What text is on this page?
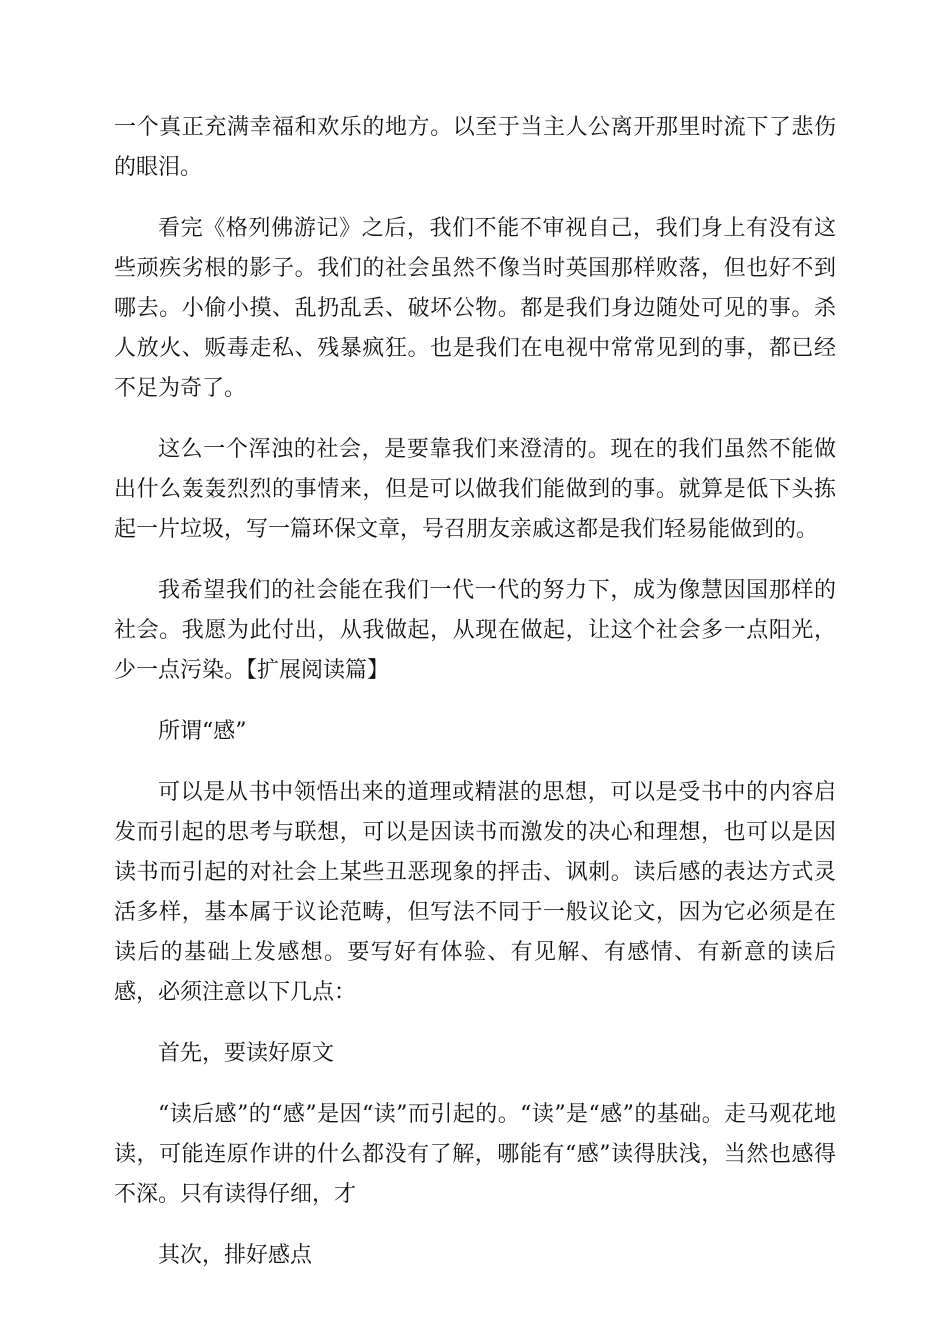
一个真正充满幸福和欢乐的地方。以至于当主人公离开那里时流下了悲伤的眼泪。

看完《格列佛游记》之后，我们不能不审视自己，我们身上有没有这些顽疾劣根的影子。我们的社会虽然不像当时英国那样败落，但也好不到哪去。小偷小摸、乱扔乱丢、破坏公物。都是我们身边随处可见的事。杀人放火、贩毒走私、残暴疯狂。也是我们在电视中常常见到的事，都已经不足为奇了。

这么一个浑浊的社会，是要靠我们来澄清的。现在的我们虽然不能做出什么轰轰烈烈的事情来，但是可以做我们能做到的事。就算是低下头拣起一片垃圾，写一篇环保文章，号召朋友亲戚这都是我们轻易能做到的。

我希望我们的社会能在我们一代一代的努力下，成为像慧因国那样的社会。我愿为此付出，从我做起，从现在做起，让这个社会多一点阳光，少一点污染。【扩展阅读篇】

所谓“感”

可以是从书中领悟出来的道理或精湛的思想，可以是受书中的内容启发而引起的思考与联想，可以是因读书而激发的决心和理想，也可以是因读书而引起的对社会上某些丑恶现象的抨击、讽刺。读后感的表达方式灵活多样，基本属于议论范畴，但写法不同于一般议论文，因为它必须是在读后的基础上发感想。要写好有体验、有见解、有感情、有新意的读后感，必须注意以下几点：

首先，要读好原文

“读后感”的“感”是因“读”而引起的。“读”是“感”的基础。走马观花地读，可能连原作讲的什么都没有了解，哪能有“感”读得肤浅，当然也感得不深。只有读得仔细，才

其次，排好感点
